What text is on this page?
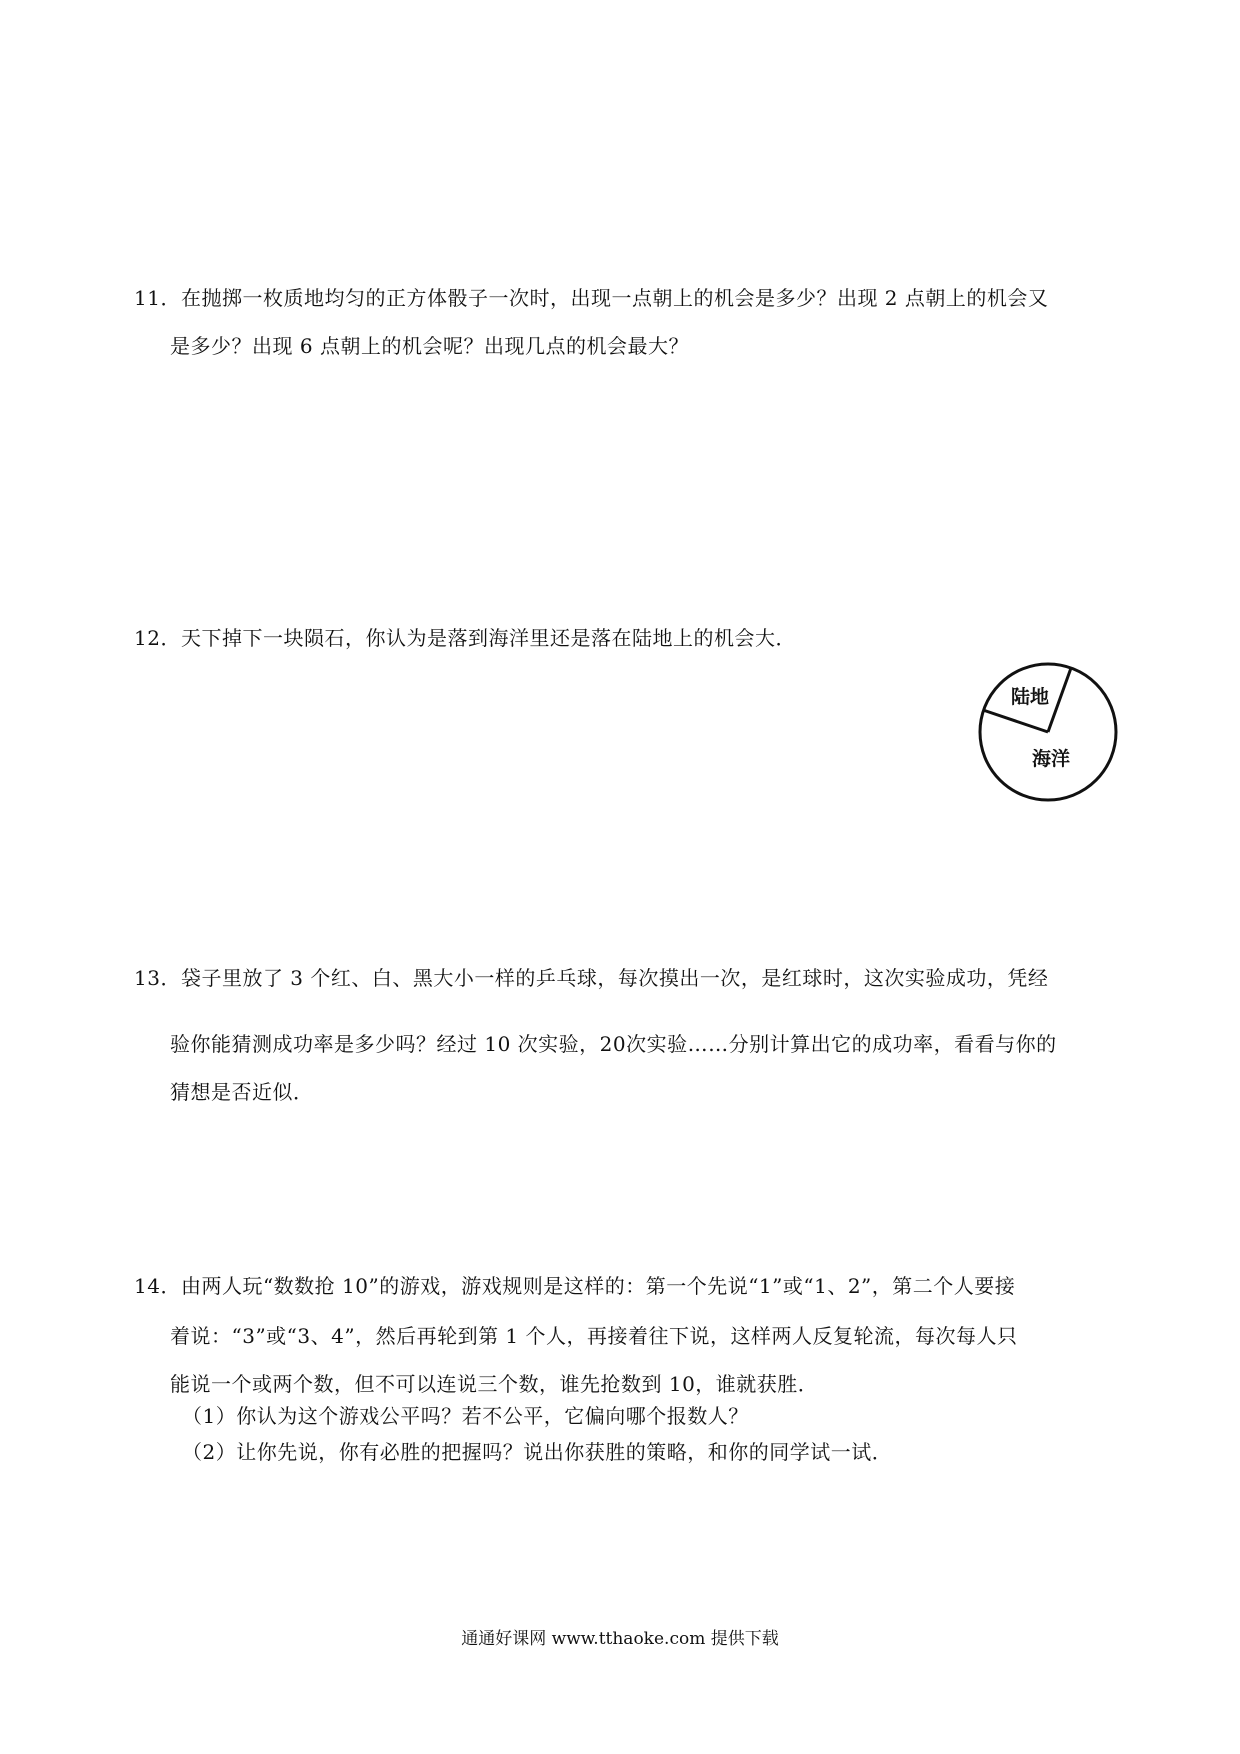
11．在抛掷一枚质地均匀的正方体骰子一次时，出现一点朝上的机会是多少？出现 2 点朝上的机会又
是多少？出现 6 点朝上的机会呢？出现几点的机会最大？
12．天下掉下一块陨石，你认为是落到海洋里还是落在陆地上的机会大．
陆地
海洋
13．袋子里放了 3 个红、白、黑大小一样的乒乓球，每次摸出一次，是红球时，这次实验成功，凭经
验你能猜测成功率是多少吗？经过 10 次实验，20次实验……分别计算出它的成功率，看看与你的
猜想是否近似．
14．由两人玩“数数抢 10”的游戏，游戏规则是这样的：第一个先说“1”或“1、2”，第二个人要接
着说：“3”或“3、4”，然后再轮到第 1 个人，再接着往下说，这样两人反复轮流，每次每人只
能说一个或两个数，但不可以连说三个数，谁先抢数到 10，谁就获胜．
（1）你认为这个游戏公平吗？若不公平，它偏向哪个报数人？
（2）让你先说，你有必胜的把握吗？说出你获胜的策略，和你的同学试一试．
通通好课网 www.tthaoke.com 提供下载
